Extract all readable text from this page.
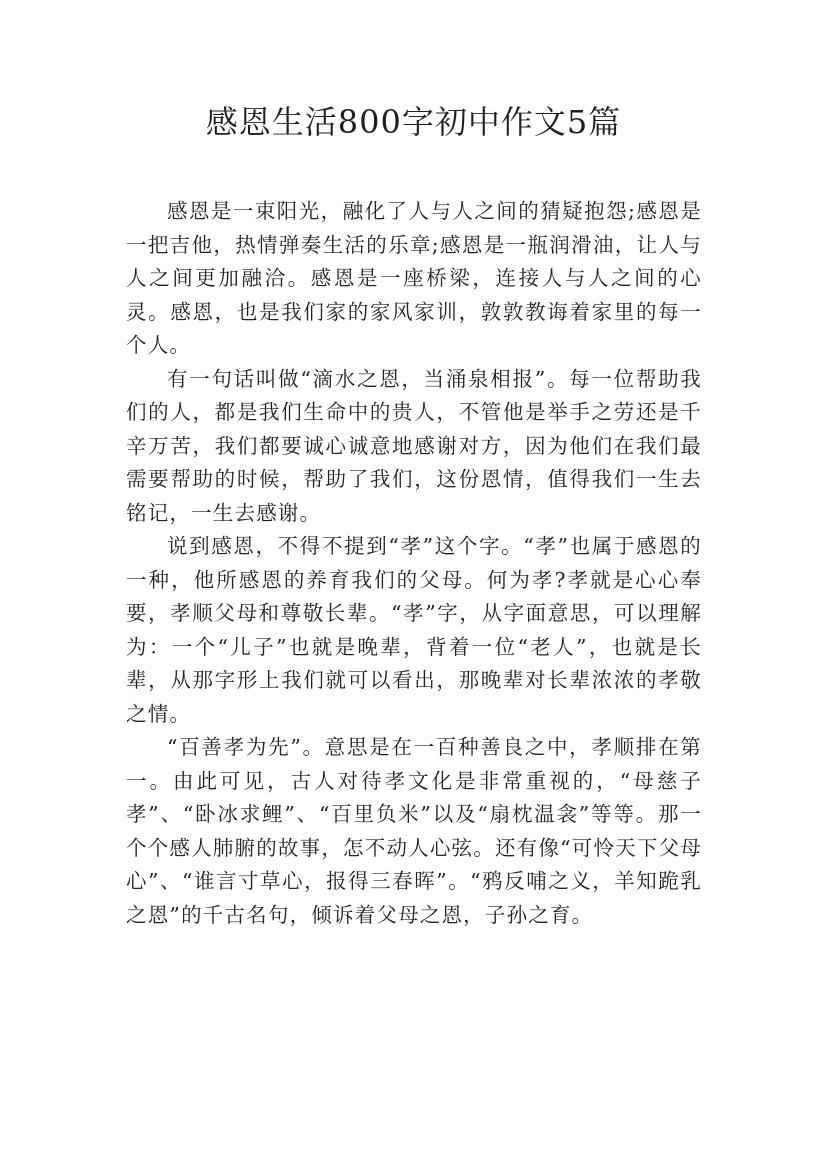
感恩生活800字初中作文5篇

感恩是一束阳光，融化了人与人之间的猜疑抱怨;感恩是一把吉他，热情弹奏生活的乐章;感恩是一瓶润滑油，让人与人之间更加融洽。感恩是一座桥梁，连接人与人之间的心灵。感恩，也是我们家的家风家训，敦敦教诲着家里的每一个人。

有一句话叫做“滴水之恩，当涌泉相报”。每一位帮助我们的人，都是我们生命中的贵人，不管他是举手之劳还是千辛万苦，我们都要诚心诚意地感谢对方，因为他们在我们最需要帮助的时候，帮助了我们，这份恩情，值得我们一生去铭记，一生去感谢。

说到感恩，不得不提到“孝”这个字。“孝”也属于感恩的一种，他所感恩的养育我们的父母。何为孝?孝就是心心奉要，孝顺父母和尊敬长辈。“孝”字，从字面意思，可以理解为：一个“儿子”也就是晚辈，背着一位“老人”，也就是长辈，从那字形上我们就可以看出，那晚辈对长辈浓浓的孝敬之情。

“百善孝为先”。意思是在一百种善良之中，孝顺排在第一。由此可见，古人对待孝文化是非常重视的，“母慈子孝”、“卧冰求鲤”、“百里负米”以及“扇枕温衾”等等。那一个个感人肺腑的故事，怎不动人心弦。还有像“可怜天下父母心”、“谁言寸草心，报得三春晖”。“鸦反哺之义，羊知跪乳之恩”的千古名句，倾诉着父母之恩，子孙之育。
